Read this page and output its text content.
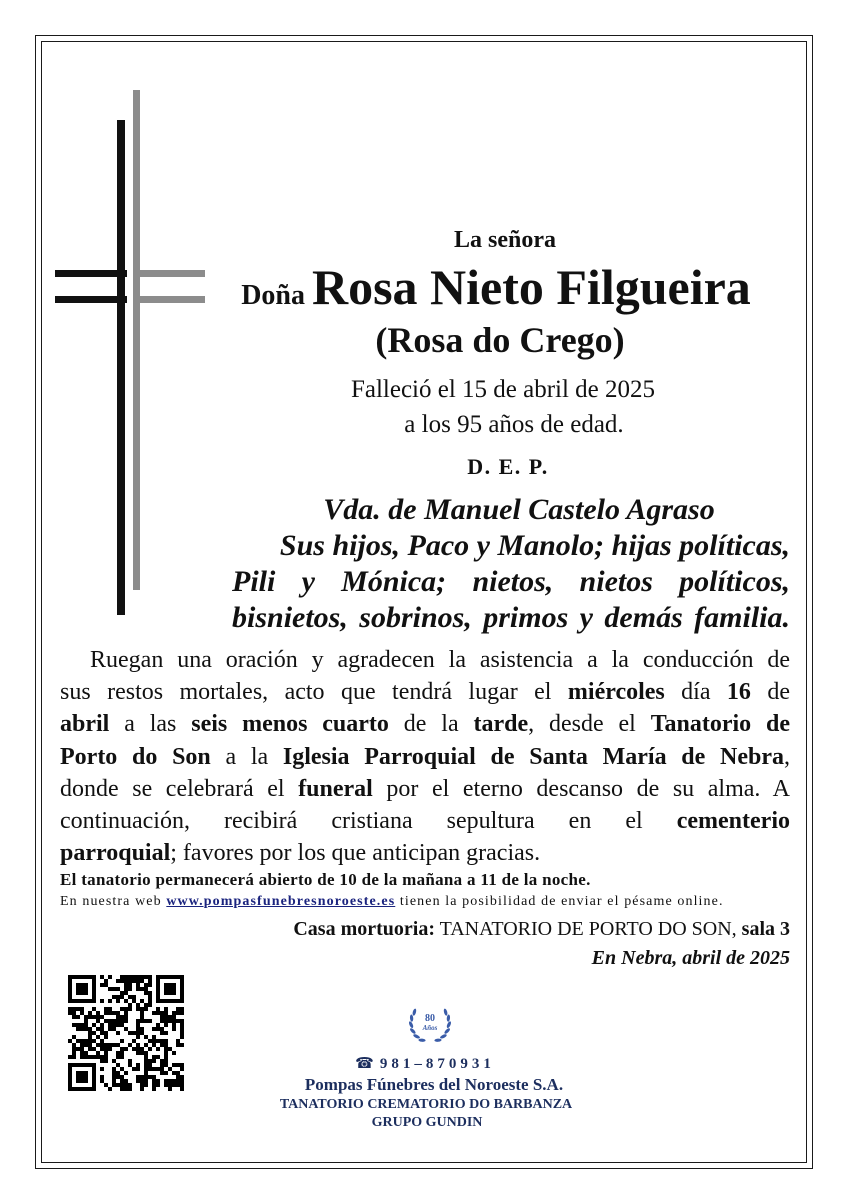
La señora
Doña Rosa Nieto Filgueira
(Rosa do Crego)
Falleció el 15 de abril de 2025
a los 95 años de edad.
D. E. P.
Vda. de Manuel Castelo Agraso
Sus hijos, Paco y Manolo; hijas políticas,
Pili y Mónica; nietos, nietos políticos,
bisnietos, sobrinos, primos y demás familia.
Ruegan una oración y agradecen la asistencia a la conducción de
sus restos mortales, acto que tendrá lugar el miércoles día 16 de
abril a las seis menos cuarto de la tarde, desde el Tanatorio de
Porto do Son a la Iglesia Parroquial de Santa María de Nebra,
donde se celebrará el funeral por el eterno descanso de su alma. A
continuación, recibirá cristiana sepultura en el cementerio
parroquial; favores por los que anticipan gracias.
El tanatorio permanecerá abierto de 10 de la mañana a 11 de la noche.
En nuestra web www.pompasfunebresnoroeste.es tienen la posibilidad de enviar el pésame online.
Casa mortuoria: TANATORIO DE PORTO DO SON, sala 3
En Nebra, abril de 2025
80
Años
☎ 981–870931
Pompas Fúnebres del Noroeste S.A.
TANATORIO CREMATORIO DO BARBANZA
GRUPO GUNDIN
